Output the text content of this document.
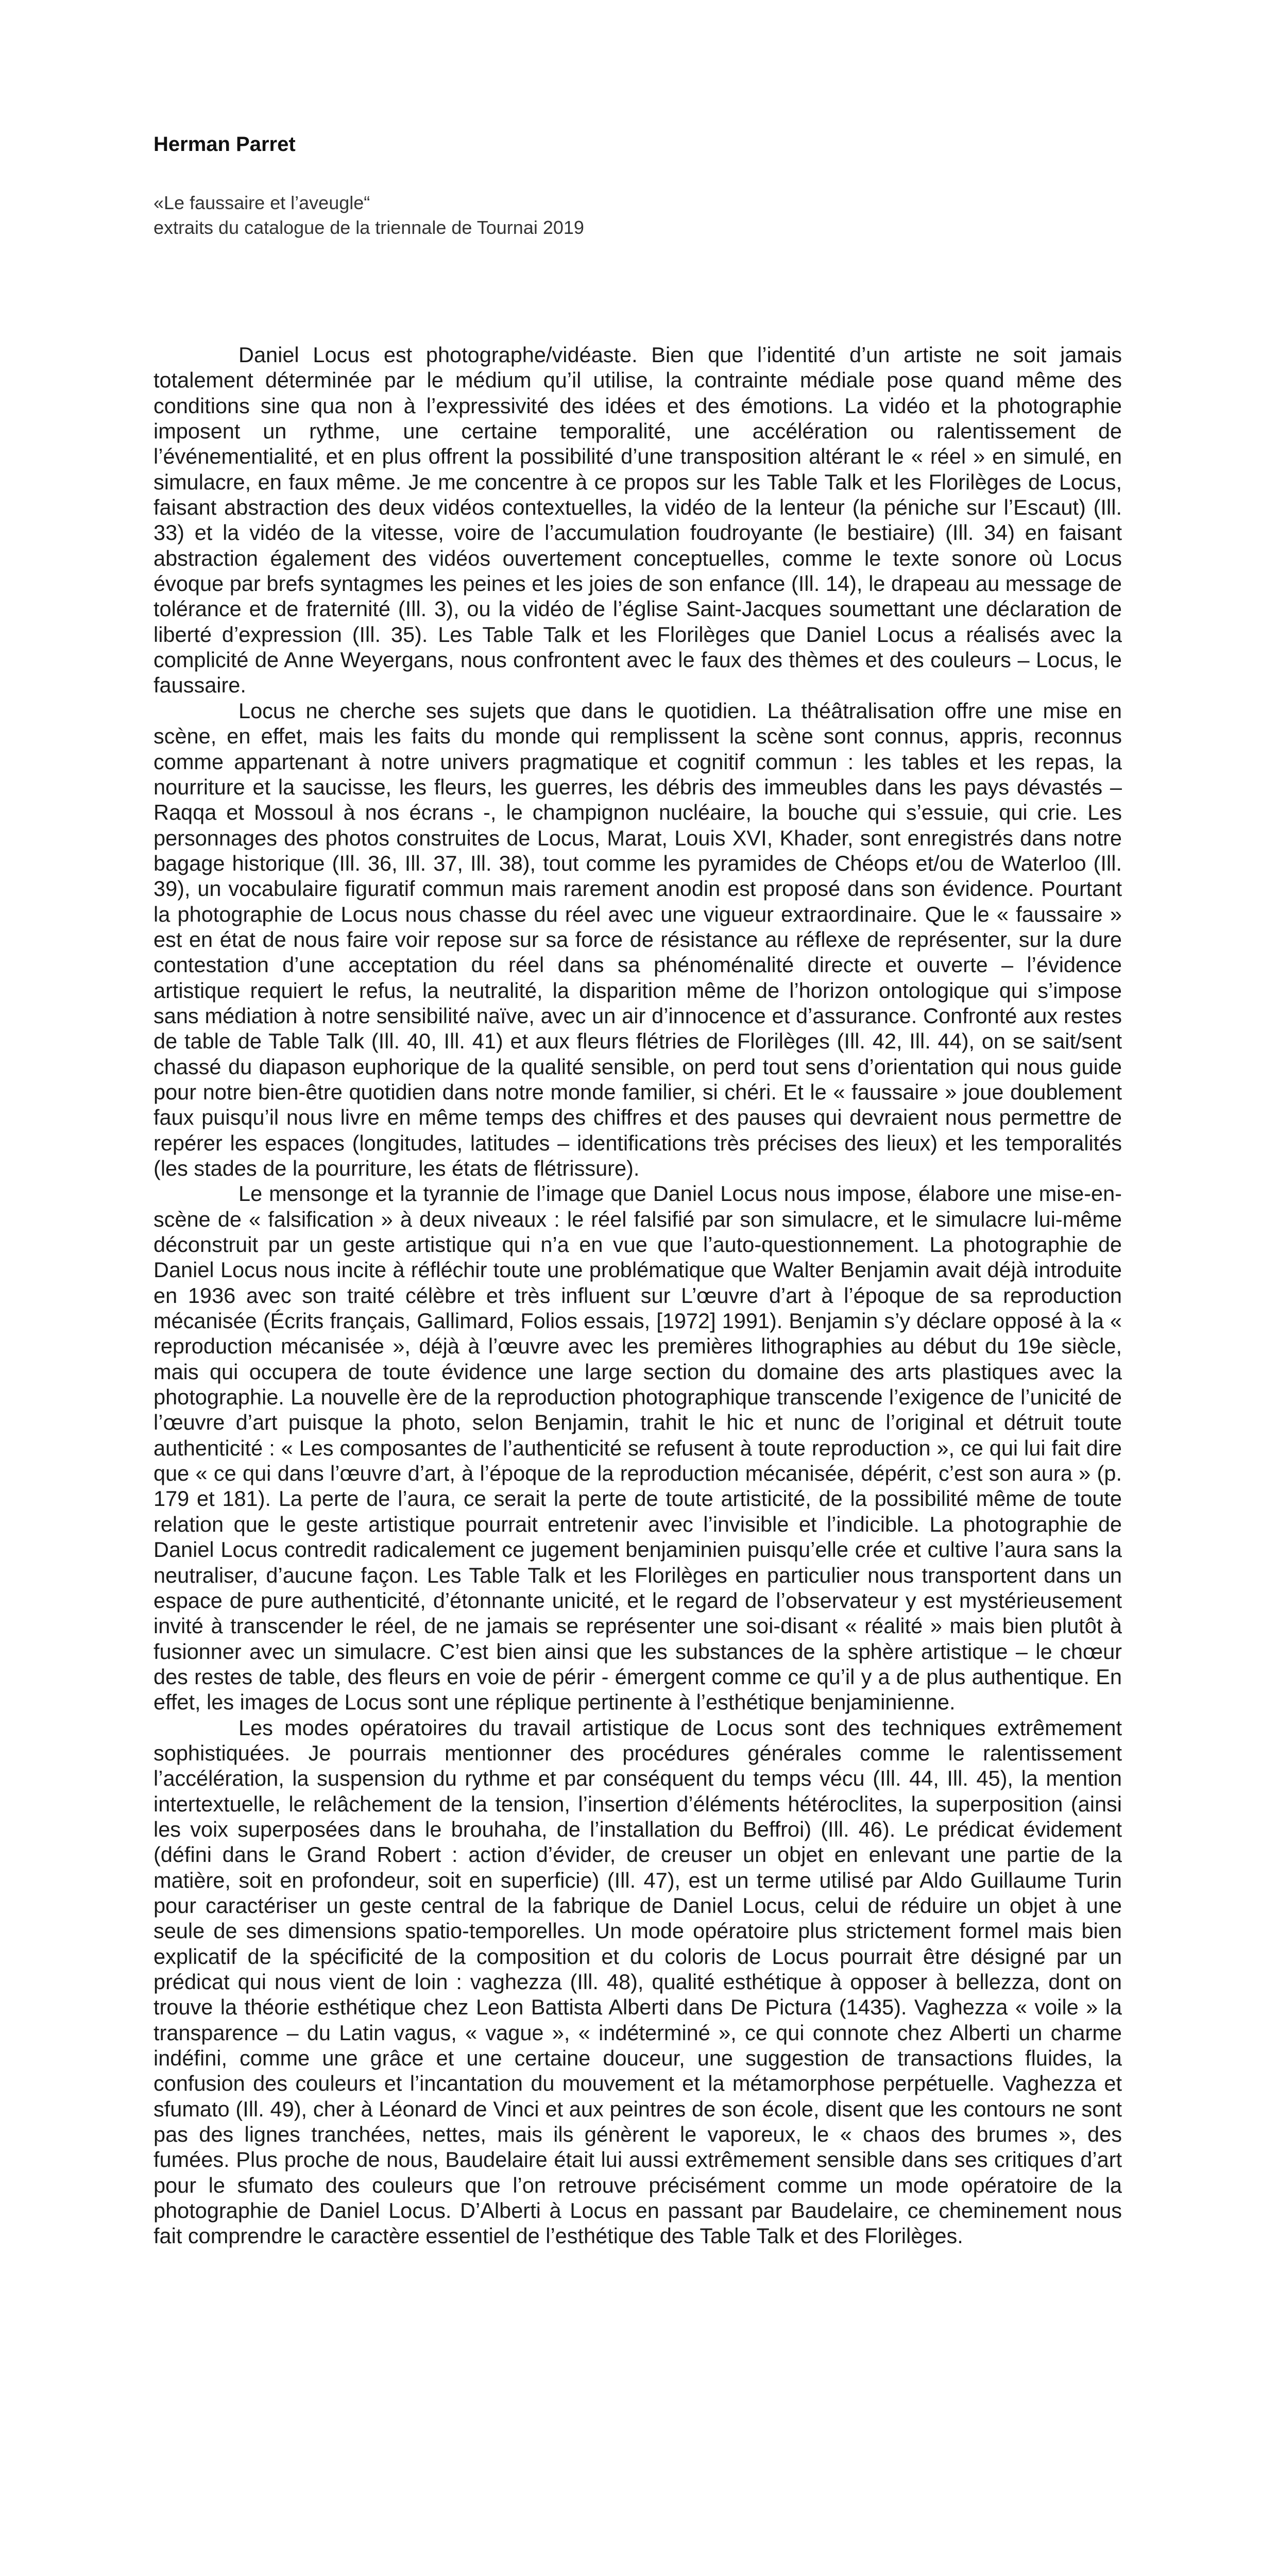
Herman Parret
«Le faussaire et l’aveugle“
extraits du catalogue de la triennale de Tournai 2019

Daniel Locus est photographe/vidéaste. Bien que l’identité d’un artiste ne soit jamais totalement déterminée par le médium qu’il utilise, la contrainte médiale pose quand même des conditions sine qua non à l’expressivité des idées et des émotions. La vidéo et la photographie imposent un rythme, une certaine temporalité, une accélération ou ralentissement de l’événementialité, et en plus offrent la possibilité d’une transposition altérant le « réel » en simulé, en simulacre, en faux même. Je me concentre à ce propos sur les Table Talk et les Florilèges de Locus, faisant abstraction des deux vidéos contextuelles, la vidéo de la lenteur (la péniche sur l’Escaut) (Ill. 33) et la vidéo de la vitesse, voire de l’accumulation foudroyante (le bestiaire) (Ill. 34) en faisant abstraction également des vidéos ouvertement conceptuelles, comme le texte sonore où Locus évoque par brefs syntagmes les peines et les joies de son enfance (Ill. 14), le drapeau au message de tolérance et de fraternité (Ill. 3), ou la vidéo de l’église Saint-Jacques soumettant une déclaration de liberté d’expression (Ill. 35). Les Table Talk et les Florilèges que Daniel Locus a réalisés avec la complicité de Anne Weyergans, nous confrontent avec le faux des thèmes et des couleurs – Locus, le faussaire.

Locus ne cherche ses sujets que dans le quotidien. La théâtralisation offre une mise en scène, en effet, mais les faits du monde qui remplissent la scène sont connus, appris, reconnus comme appartenant à notre univers pragmatique et cognitif commun : les tables et les repas, la nourriture et la saucisse, les fleurs, les guerres, les débris des immeubles dans les pays dévastés – Raqqa et Mossoul à nos écrans -, le champignon nucléaire, la bouche qui s’essuie, qui crie. Les personnages des photos construites de Locus, Marat, Louis XVI, Khader, sont enregistrés dans notre bagage historique (Ill. 36, Ill. 37, Ill. 38), tout comme les pyramides de Chéops et/ou de Waterloo (Ill. 39), un vocabulaire figuratif commun mais rarement anodin est proposé dans son évidence. Pourtant la photographie de Locus nous chasse du réel avec une vigueur extraordinaire. Que le « faussaire » est en état de nous faire voir repose sur sa force de résistance au réflexe de représenter, sur la dure contestation d’une acceptation du réel dans sa phénoménalité directe et ouverte – l’évidence artistique requiert le refus, la neutralité, la disparition même de l’horizon ontologique qui s’impose sans médiation à notre sensibilité naïve, avec un air d’innocence et d’assurance. Confronté aux restes de table de Table Talk (Ill. 40, Ill. 41) et aux fleurs flétries de Florilèges (Ill. 42, Ill. 44), on se sait/sent chassé du diapason euphorique de la qualité sensible, on perd tout sens d’orientation qui nous guide pour notre bien-être quotidien dans notre monde familier, si chéri. Et le « faussaire » joue doublement faux puisqu’il nous livre en même temps des chiffres et des pauses qui devraient nous permettre de repérer les espaces (longitudes, latitudes – identifications très précises des lieux) et les temporalités (les stades de la pourriture, les états de flétrissure).

Le mensonge et la tyrannie de l’image que Daniel Locus nous impose, élabore une mise-en-scène de « falsification » à deux niveaux : le réel falsifié par son simulacre, et le simulacre lui-même déconstruit par un geste artistique qui n’a en vue que l’auto-questionnement. La photographie de Daniel Locus nous incite à réfléchir toute une problématique que Walter Benjamin avait déjà introduite en 1936 avec son traité célèbre et très influent sur L’œuvre d’art à l’époque de sa reproduction mécanisée (Écrits français, Gallimard, Folios essais, [1972] 1991). Benjamin s’y déclare opposé à la « reproduction mécanisée », déjà à l’œuvre avec les premières lithographies au début du 19e siècle, mais qui occupera de toute évidence une large section du domaine des arts plastiques avec la photographie. La nouvelle ère de la reproduction photographique transcende l’exigence de l’unicité de l’œuvre d’art puisque la photo, selon Benjamin, trahit le hic et nunc de l’original et détruit toute authenticité : « Les composantes de l’authenticité se refusent à toute reproduction », ce qui lui fait dire que « ce qui dans l’œuvre d’art, à l’époque de la reproduction mécanisée, dépérit, c’est son aura » (p. 179 et 181). La perte de l’aura, ce serait la perte de toute artisticité, de la possibilité même de toute relation que le geste artistique pourrait entretenir avec l’invisible et l’indicible. La photographie de Daniel Locus contredit radicalement ce jugement benjaminien puisqu’elle crée et cultive l’aura sans la neutraliser, d’aucune façon. Les Table Talk et les Florilèges en particulier nous transportent dans un espace de pure authenticité, d’étonnante unicité, et le regard de l’observateur y est mystérieusement invité à transcender le réel, de ne jamais se représenter une soi-disant « réalité » mais bien plutôt à fusionner avec un simulacre. C’est bien ainsi que les substances de la sphère artistique – le chœur des restes de table, des fleurs en voie de périr - émergent comme ce qu’il y a de plus authentique. En effet, les images de Locus sont une réplique pertinente à l’esthétique benjaminienne.

Les modes opératoires du travail artistique de Locus sont des techniques extrêmement sophistiquées. Je pourrais mentionner des procédures générales comme le ralentissement l’accélération, la suspension du rythme et par conséquent du temps vécu (Ill. 44, Ill. 45), la mention intertextuelle, le relâchement de la tension, l’insertion d’éléments hétéroclites, la superposition (ainsi les voix superposées dans le brouhaha, de l’installation du Beffroi) (Ill. 46). Le prédicat évidement (défini dans le Grand Robert : action d’évider, de creuser un objet en enlevant une partie de la matière, soit en profondeur, soit en superficie) (Ill. 47), est un terme utilisé par Aldo Guillaume Turin pour caractériser un geste central de la fabrique de Daniel Locus, celui de réduire un objet à une seule de ses dimensions spatio-temporelles. Un mode opératoire plus strictement formel mais bien explicatif de la spécificité de la composition et du coloris de Locus pourrait être désigné par un prédicat qui nous vient de loin : vaghezza (Ill. 48), qualité esthétique à opposer à bellezza, dont on trouve la théorie esthétique chez Leon Battista Alberti dans De Pictura (1435). Vaghezza « voile » la transparence – du Latin vagus, « vague », « indéterminé », ce qui connote chez Alberti un charme indéfini, comme une grâce et une certaine douceur, une suggestion de transactions fluides, la confusion des couleurs et l’incantation du mouvement et la métamorphose perpétuelle. Vaghezza et sfumato (Ill. 49), cher à Léonard de Vinci et aux peintres de son école, disent que les contours ne sont pas des lignes tranchées, nettes, mais ils génèrent le vaporeux, le « chaos des brumes », des fumées. Plus proche de nous, Baudelaire était lui aussi extrêmement sensible dans ses critiques d’art pour le sfumato des couleurs que l’on retrouve précisément comme un mode opératoire de la photographie de Daniel Locus. D’Alberti à Locus en passant par Baudelaire, ce cheminement nous fait comprendre le caractère essentiel de l’esthétique des Table Talk et des Florilèges.
